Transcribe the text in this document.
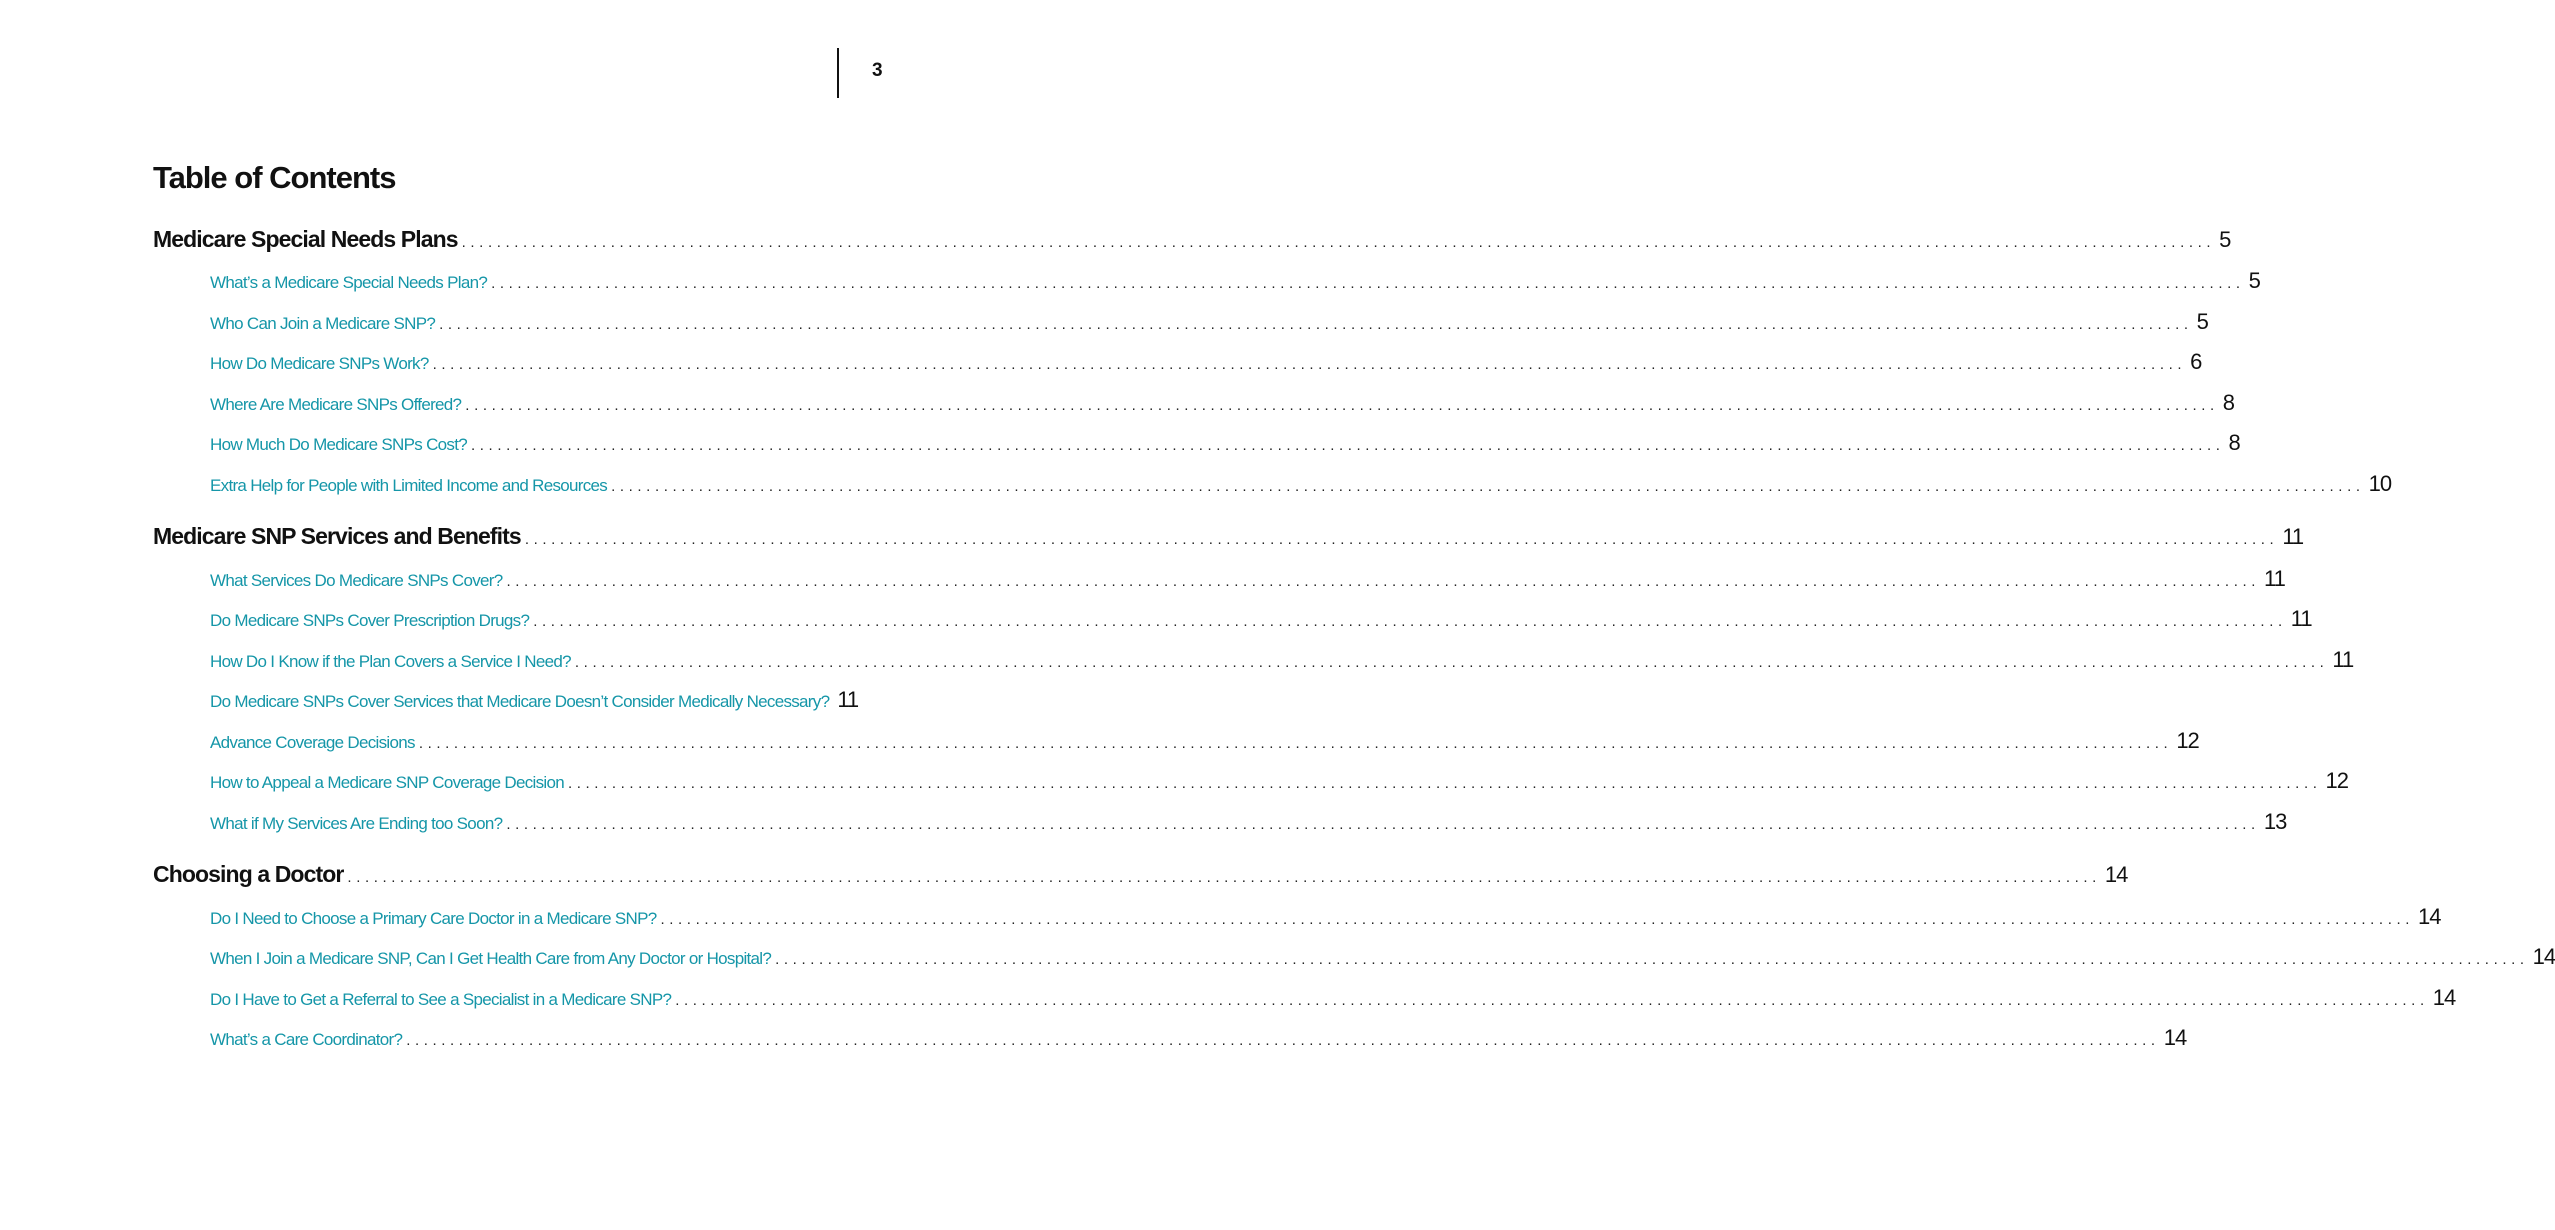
3
Table of Contents
Medicare Special Needs Plans ........................................................................................................................................................................................................ 5
What’s a Medicare Special Needs Plan? ........................................................................................................................................................................................................ 5
Who Can Join a Medicare SNP? ........................................................................................................................................................................................................ 5
How Do Medicare SNPs Work? ........................................................................................................................................................................................................ 6
Where Are Medicare SNPs Offered? ........................................................................................................................................................................................................ 8
How Much Do Medicare SNPs Cost? ........................................................................................................................................................................................................ 8
Extra Help for People with Limited Income and Resources ........................................................................................................................................................................................................ 10
Medicare SNP Services and Benefits ........................................................................................................................................................................................................ 11
What Services Do Medicare SNPs Cover? ........................................................................................................................................................................................................ 11
Do Medicare SNPs Cover Prescription Drugs? ........................................................................................................................................................................................................ 11
How Do I Know if the Plan Covers a Service I Need? ........................................................................................................................................................................................................ 11
Do Medicare SNPs Cover Services that Medicare Doesn’t Consider Medically Necessary? 11
Advance Coverage Decisions ........................................................................................................................................................................................................ 12
How to Appeal a Medicare SNP Coverage Decision ........................................................................................................................................................................................................ 12
What if My Services Are Ending too Soon? ........................................................................................................................................................................................................ 13
Choosing a Doctor ........................................................................................................................................................................................................ 14
Do I Need to Choose a Primary Care Doctor in a Medicare SNP? ........................................................................................................................................................................................................ 14
When I Join a Medicare SNP, Can I Get Health Care from Any Doctor or Hospital? ........................................................................................................................................................................................................ 14
Do I Have to Get a Referral to See a Specialist in a Medicare SNP? ........................................................................................................................................................................................................ 14
What’s a Care Coordinator? ........................................................................................................................................................................................................ 14
